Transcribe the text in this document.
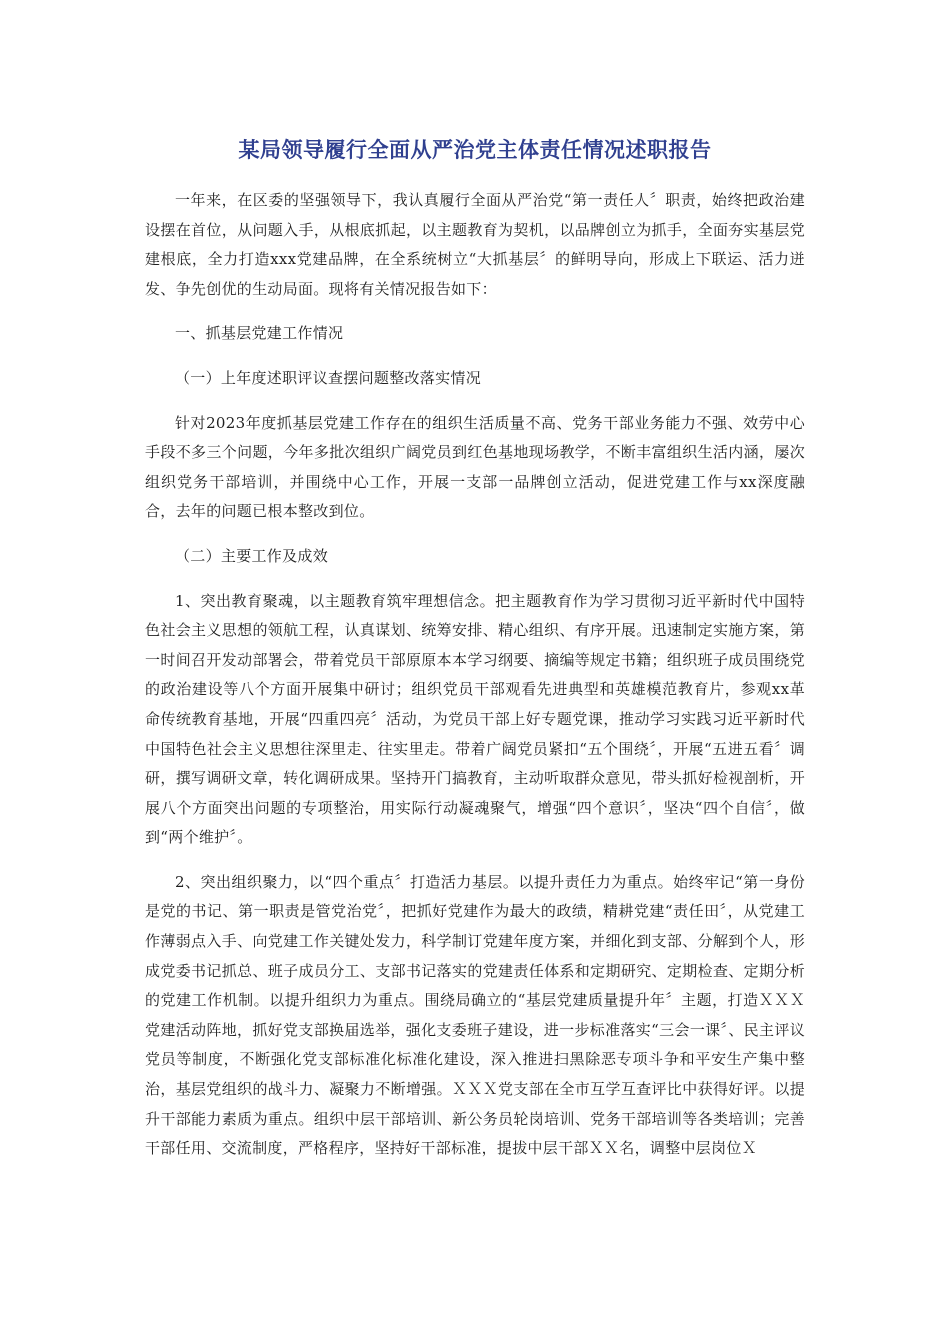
某局领导履行全面从严治党主体责任情况述职报告

一年来，在区委的坚强领导下，我认真履行全面从严治党“第一责任人〞职责，始终把政治建设摆在首位，从问题入手，从根底抓起，以主题教育为契机，以品牌创立为抓手，全面夯实基层党建根底，全力打造xxx党建品牌，在全系统树立“大抓基层〞的鲜明导向，形成上下联运、活力迸发、争先创优的生动局面。现将有关情况报告如下：

一、抓基层党建工作情况

（一）上年度述职评议查摆问题整改落实情况

针对2023年度抓基层党建工作存在的组织生活质量不高、党务干部业务能力不强、效劳中心手段不多三个问题，今年多批次组织广阔党员到红色基地现场教学，不断丰富组织生活内涵，屡次组织党务干部培训，并围绕中心工作，开展一支部一品牌创立活动，促进党建工作与xx深度融合，去年的问题已根本整改到位。

（二）主要工作及成效

1、突出教育聚魂，以主题教育筑牢理想信念。把主题教育作为学习贯彻习近平新时代中国特色社会主义思想的领航工程，认真谋划、统筹安排、精心组织、有序开展。迅速制定实施方案，第一时间召开发动部署会，带着党员干部原原本本学习纲要、摘编等规定书籍；组织班子成员围绕党的政治建设等八个方面开展集中研讨；组织党员干部观看先进典型和英雄模范教育片，参观xx革命传统教育基地，开展“四重四亮〞活动，为党员干部上好专题党课，推动学习实践习近平新时代中国特色社会主义思想往深里走、往实里走。带着广阔党员紧扣“五个围绕〞，开展“五进五看〞调研，撰写调研文章，转化调研成果。坚持开门搞教育，主动听取群众意见，带头抓好检视剖析，开展八个方面突出问题的专项整治，用实际行动凝魂聚气，增强“四个意识〞，坚决“四个自信〞，做到“两个维护〞。

2、突出组织聚力，以“四个重点〞打造活力基层。以提升责任力为重点。始终牢记“第一身份是党的书记、第一职责是管党治党〞，把抓好党建作为最大的政绩，精耕党建“责任田〞，从党建工作薄弱点入手、向党建工作关键处发力，科学制订党建年度方案，并细化到支部、分解到个人，形成党委书记抓总、班子成员分工、支部书记落实的党建责任体系和定期研究、定期检查、定期分析的党建工作机制。以提升组织力为重点。围绕局确立的“基层党建质量提升年〞主题，打造ＸＸＸ党建活动阵地，抓好党支部换届选举，强化支委班子建设，进一步标准落实“三会一课〞、民主评议党员等制度，不断强化党支部标准化标准化建设，深入推进扫黑除恶专项斗争和平安生产集中整治，基层党组织的战斗力、凝聚力不断增强。ＸＸＸ党支部在全市互学互查评比中获得好评。以提升干部能力素质为重点。组织中层干部培训、新公务员轮岗培训、党务干部培训等各类培训；完善干部任用、交流制度，严格程序，坚持好干部标准，提拔中层干部ＸＸ名，调整中层岗位Ｘ
